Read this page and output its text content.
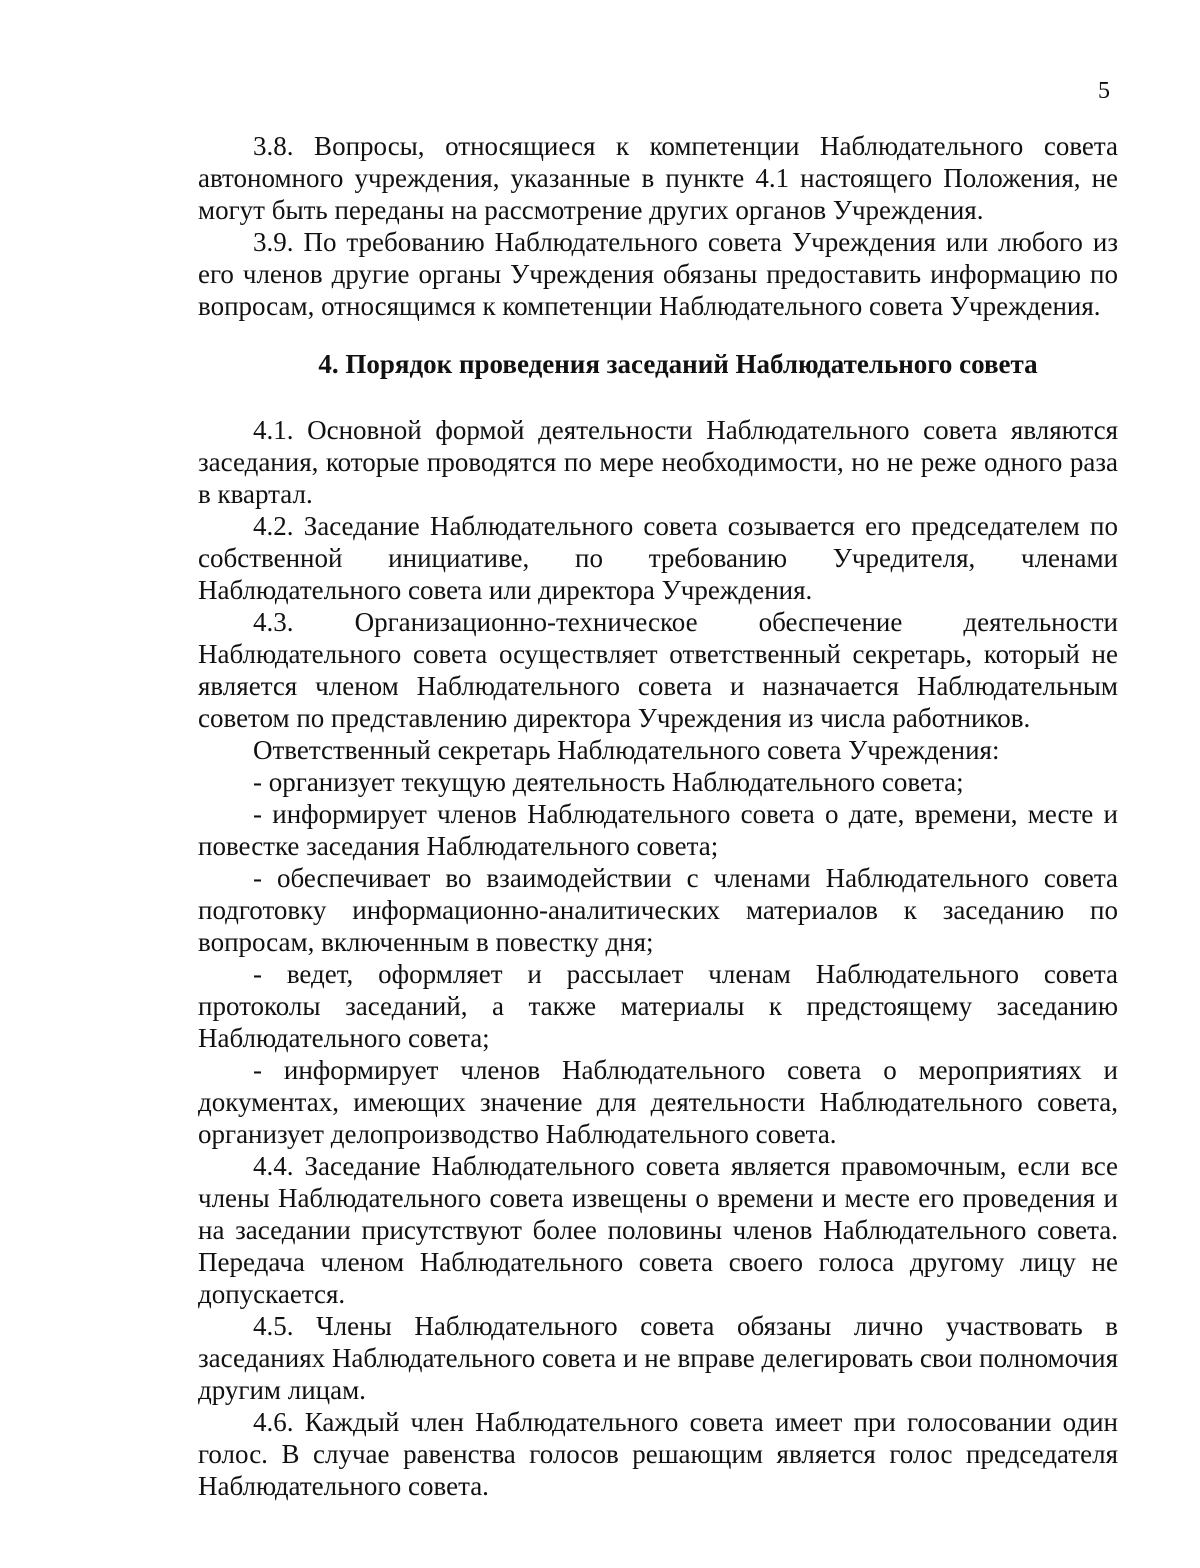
5

3.8. Вопросы, относящиеся к компетенции Наблюдательного совета автономного учреждения, указанные в пункте 4.1 настоящего Положения, не могут быть переданы на рассмотрение других органов Учреждения.

3.9. По требованию Наблюдательного совета Учреждения или любого из его членов другие органы Учреждения обязаны предоставить информацию по вопросам, относящимся к компетенции Наблюдательного совета Учреждения.

4. Порядок проведения заседаний Наблюдательного совета

4.1. Основной формой деятельности Наблюдательного совета являются заседания, которые проводятся по мере необходимости, но не реже одного раза в квартал.

4.2. Заседание Наблюдательного совета созывается его председателем по собственной инициативе, по требованию Учредителя, членами Наблюдательного совета или директора Учреждения.

4.3. Организационно-техническое обеспечение деятельности Наблюдательного совета осуществляет ответственный секретарь, который не является членом Наблюдательного совета и назначается Наблюдательным советом по представлению директора Учреждения из числа работников.

Ответственный секретарь Наблюдательного совета Учреждения:

- организует текущую деятельность Наблюдательного совета;

- информирует членов Наблюдательного совета о дате, времени, месте и повестке заседания Наблюдательного совета;

- обеспечивает во взаимодействии с членами Наблюдательного совета подготовку информационно-аналитических материалов к заседанию по вопросам, включенным в повестку дня;

- ведет, оформляет и рассылает членам Наблюдательного совета протоколы заседаний, а также материалы к предстоящему заседанию Наблюдательного совета;

- информирует членов Наблюдательного совета о мероприятиях и документах, имеющих значение для деятельности Наблюдательного совета, организует делопроизводство Наблюдательного совета.

4.4. Заседание Наблюдательного совета является правомочным, если все члены Наблюдательного совета извещены о времени и месте его проведения и на заседании присутствуют более половины членов Наблюдательного совета. Передача членом Наблюдательного совета своего голоса другому лицу не допускается.

4.5. Члены Наблюдательного совета обязаны лично участвовать в заседаниях Наблюдательного совета и не вправе делегировать свои полномочия другим лицам.

4.6. Каждый член Наблюдательного совета имеет при голосовании один голос. В случае равенства голосов решающим является голос председателя Наблюдательного совета.
